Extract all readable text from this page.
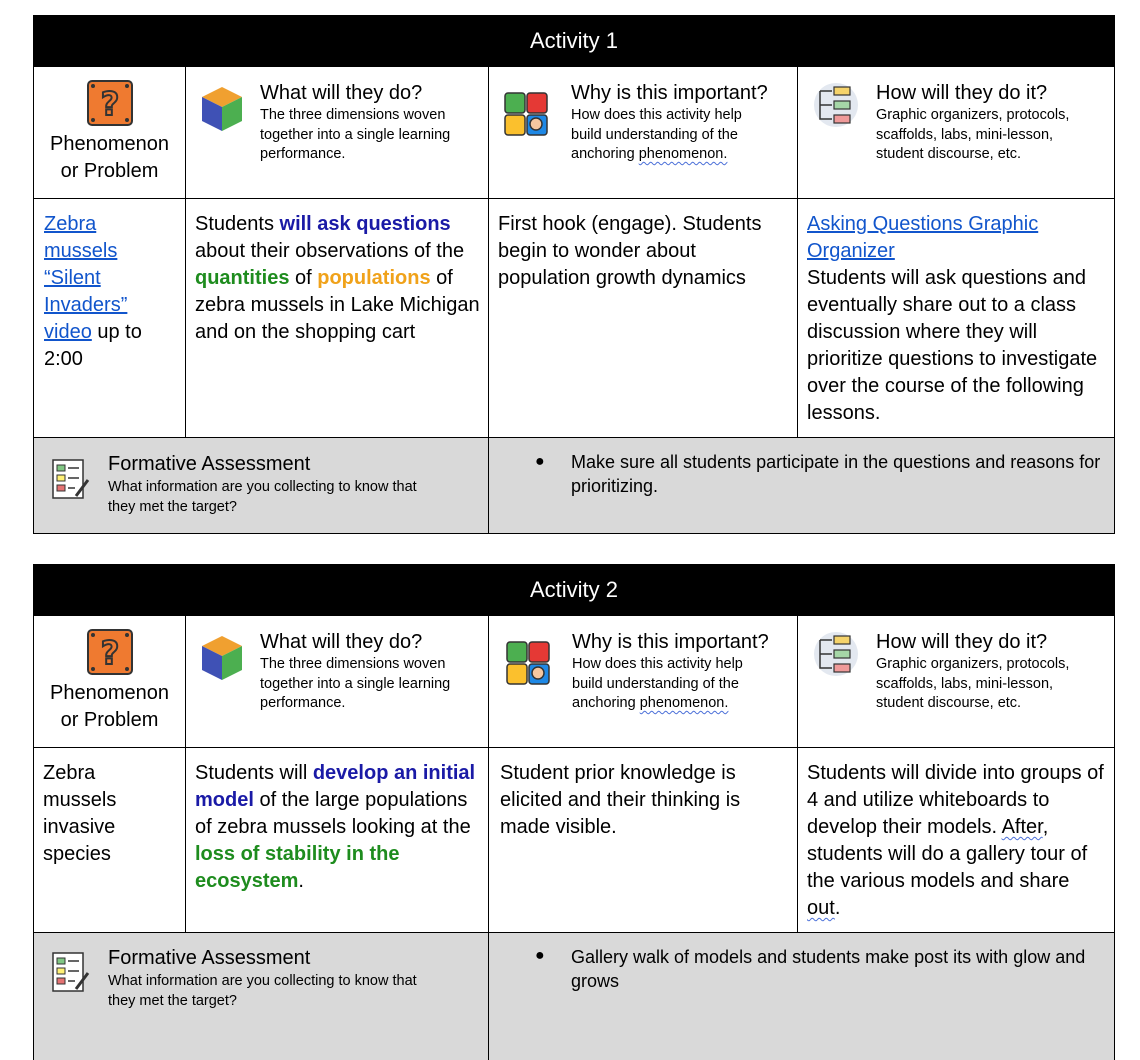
Activity 1
?
Phenomenon or Problem
What will they do?
The three dimensions woven together into a single learning performance.
Why is this important?
How does this activity help build understanding of the anchoring phenomenon.
How will they do it?
Graphic organizers, protocols, scaffolds, labs, mini-lesson, student discourse, etc.
Zebra mussels “Silent Invaders” video up to 2:00
Students will ask questions about their observations of the quantities of populations of zebra mussels in Lake Michigan and on the shopping cart
First hook (engage). Students begin to wonder about population growth dynamics
Asking Questions Graphic Organizer
Students will ask questions and eventually share out to a class discussion where they will prioritize questions to investigate over the course of the following lessons.
Formative Assessment
What information are you collecting to know that they met the target?
● Make sure all students participate in the questions and reasons for prioritizing.
Activity 2
?
Phenomenon or Problem
What will they do?
The three dimensions woven together into a single learning performance.
Why is this important?
How does this activity help build understanding of the anchoring phenomenon.
How will they do it?
Graphic organizers, protocols, scaffolds, labs, mini-lesson, student discourse, etc.
Zebra mussels invasive species
Students will develop an initial model of the large populations of zebra mussels looking at the loss of stability in the ecosystem.
Student prior knowledge is elicited and their thinking is made visible.
Students will divide into groups of 4 and utilize whiteboards to develop their models. After, students will do a gallery tour of the various models and share out.
Formative Assessment
What information are you collecting to know that they met the target?
● Gallery walk of models and students make post its with glow and grows
